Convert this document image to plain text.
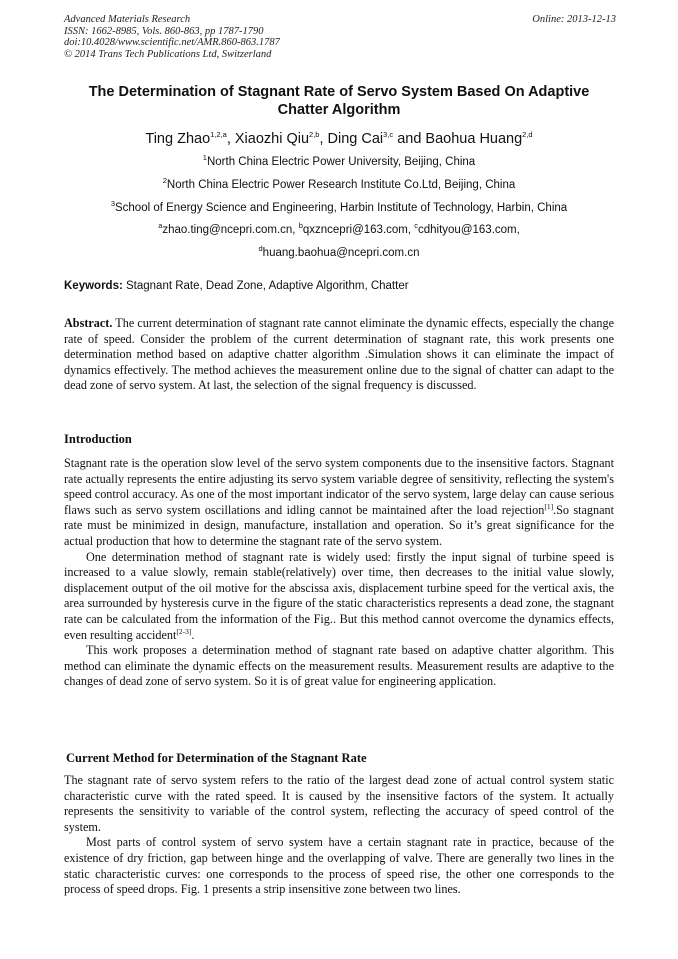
Advanced Materials Research
ISSN: 1662-8985, Vols. 860-863, pp 1787-1790
doi:10.4028/www.scientific.net/AMR.860-863.1787
© 2014 Trans Tech Publications Ltd, Switzerland
Online: 2013-12-13
The Determination of Stagnant Rate of Servo System Based On Adaptive
Chatter Algorithm
Ting Zhao$^{1,2,a}$, Xiaozhi Qiu$^{2,b}$, Ding Cai$^{3,c}$ and Baohua Huang$^{2,d}$
$^1$North China Electric Power University, Beijing, China
$^2$North China Electric Power Research Institute Co.Ltd, Beijing, China
$^3$School of Energy Science and Engineering, Harbin Institute of Technology, Harbin, China
$^a$zhao.ting@ncepri.com.cn, $^b$qxzncepri@163.com, $^c$cdhityou@163.com,
$^d$huang.baohua@ncepri.com.cn
Keywords: Stagnant Rate, Dead Zone, Adaptive Algorithm, Chatter

Abstract. The current determination of stagnant rate cannot eliminate the dynamic effects, especially the change rate of speed. Consider the problem of the current determination of stagnant rate, this work presents one determination method based on adaptive chatter algorithm .Simulation shows it can eliminate the impact of dynamics effectively. The method achieves the measurement online due to the signal of chatter can adapt to the dead zone of servo system. At last, the selection of the signal frequency is discussed.

Introduction

Stagnant rate is the operation slow level of the servo system components due to the insensitive factors. Stagnant rate actually represents the entire adjusting its servo system variable degree of sensitivity, reflecting the system's speed control accuracy. As one of the most important indicator of the servo system, large delay can cause serious flaws such as servo system oscillations and idling cannot be maintained after the load rejection[1].So stagnant rate must be minimized in design, manufacture, installation and operation. So it’s great significance for the actual production that how to determine the stagnant rate of the servo system.

One determination method of stagnant rate is widely used: firstly the input signal of turbine speed is increased to a value slowly, remain stable(relatively) over time, then decreases to the initial value slowly, displacement output of the oil motive for the abscissa axis, displacement turbine speed for the vertical axis, the area surrounded by hysteresis curve in the figure of the static characteristics represents a dead zone, the stagnant rate can be calculated from the information of the Fig.. But this method cannot overcome the dynamics effects, even resulting accident[2-3].

This work proposes a determination method of stagnant rate based on adaptive chatter algorithm. This method can eliminate the dynamic effects on the measurement results. Measurement results are adaptive to the changes of dead zone of servo system. So it is of great value for engineering application.

Current Method for Determination of the Stagnant Rate

The stagnant rate of servo system refers to the ratio of the largest dead zone of actual control system static characteristic curve with the rated speed. It is caused by the insensitive factors of the system. It actually represents the sensitivity to variable of the control system, reflecting the accuracy of speed control of the system.

Most parts of control system of servo system have a certain stagnant rate in practice, because of the existence of dry friction, gap between hinge and the overlapping of valve. There are generally two lines in the static characteristic curves: one corresponds to the process of speed rise, the other one corresponds to the process of speed drops. Fig. 1 presents a strip insensitive zone between two lines.
